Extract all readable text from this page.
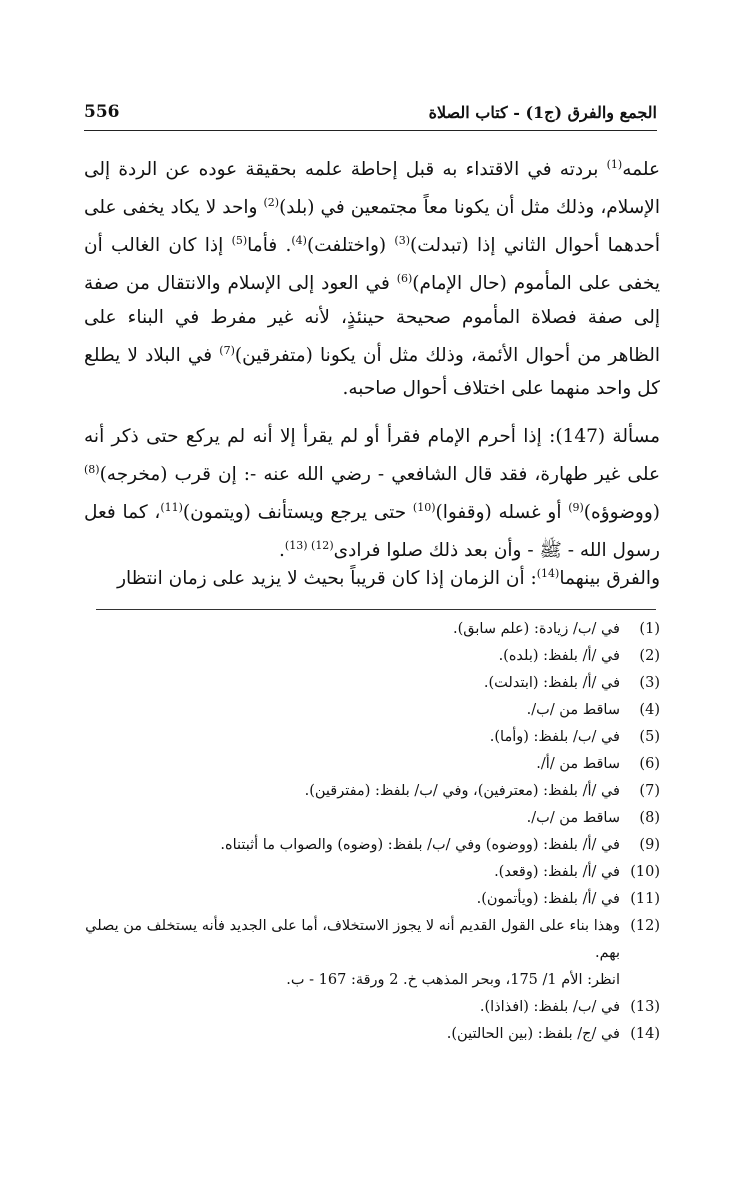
556	الجمع والفرق (ج1) - كتاب الصلاة

علمه$^{(1)}$ بردته في الاقتداء به قبل إحاطة علمه بحقيقة عوده عن الردة إلى الإسلام، وذلك مثل أن يكونا معاً مجتمعين في (بلد)$^{(2)}$ واحد لا يكاد يخفى على أحدهما أحوال الثاني إذا (تبدلت)$^{(3)}$ (واختلفت)$^{(4)}$. فأما$^{(5)}$ إذا كان الغالب أن يخفى على المأموم (حال الإمام)$^{(6)}$ في العود إلى الإسلام والانتقال من صفة إلى صفة فصلاة المأموم صحيحة حينئذٍ، لأنه غير مفرط في البناء على الظاهر من أحوال الأئمة، وذلك مثل أن يكونا (متفرقين)$^{(7)}$ في البلاد لا يطلع كل واحد منهما على اختلاف أحوال صاحبه.

مسألة (147): إذا أحرم الإمام فقرأ أو لم يقرأ إلا أنه لم يركع حتى ذكر أنه على غير طهارة، فقد قال الشافعي - رضي الله عنه -: إن قرب (مخرجه)$^{(8)}$ (ووضوؤه)$^{(9)}$ أو غسله (وقفوا)$^{(10)}$ حتى يرجع ويستأنف (ويتمون)$^{(11)}$، كما فعل رسول الله - ﷺ - وأن بعد ذلك صلوا فرادى$^{(12) (13)}$.

والفرق بينهما$^{(14)}$: أن الزمان إذا كان قريباً بحيث لا يزيد على زمان انتظار

(1)
في /ب/ زيادة: (علم سابق).
(2)
في /أ/ بلفظ: (بلده).
(3)
في /أ/ بلفظ: (ابتدلت).
(4)
ساقط من /ب/.
(5)
في /ب/ بلفظ: (وأما).
(6)
ساقط من /أ/.
(7)
في /أ/ بلفظ: (معترفين)، وفي /ب/ بلفظ: (مفترقين).
(8)
ساقط من /ب/.
(9)
في /أ/ بلفظ: (ووضوه) وفي /ب/ بلفظ: (وضوه) والصواب ما أثبتناه.
(10)
في /أ/ بلفظ: (وقعد).
(11)
في /أ/ بلفظ: (ويأتمون).
(12)
وهذا بناء على القول القديم أنه لا يجوز الاستخلاف، أما على الجديد فأنه يستخلف من يصلي بهم.
انظر: الأم 1/ 175، وبحر المذهب خ. 2 ورقة: 167 - ب.
(13)
في /ب/ بلفظ: (افذاذا).
(14)
في /ج/ بلفظ: (بين الحالتين).
